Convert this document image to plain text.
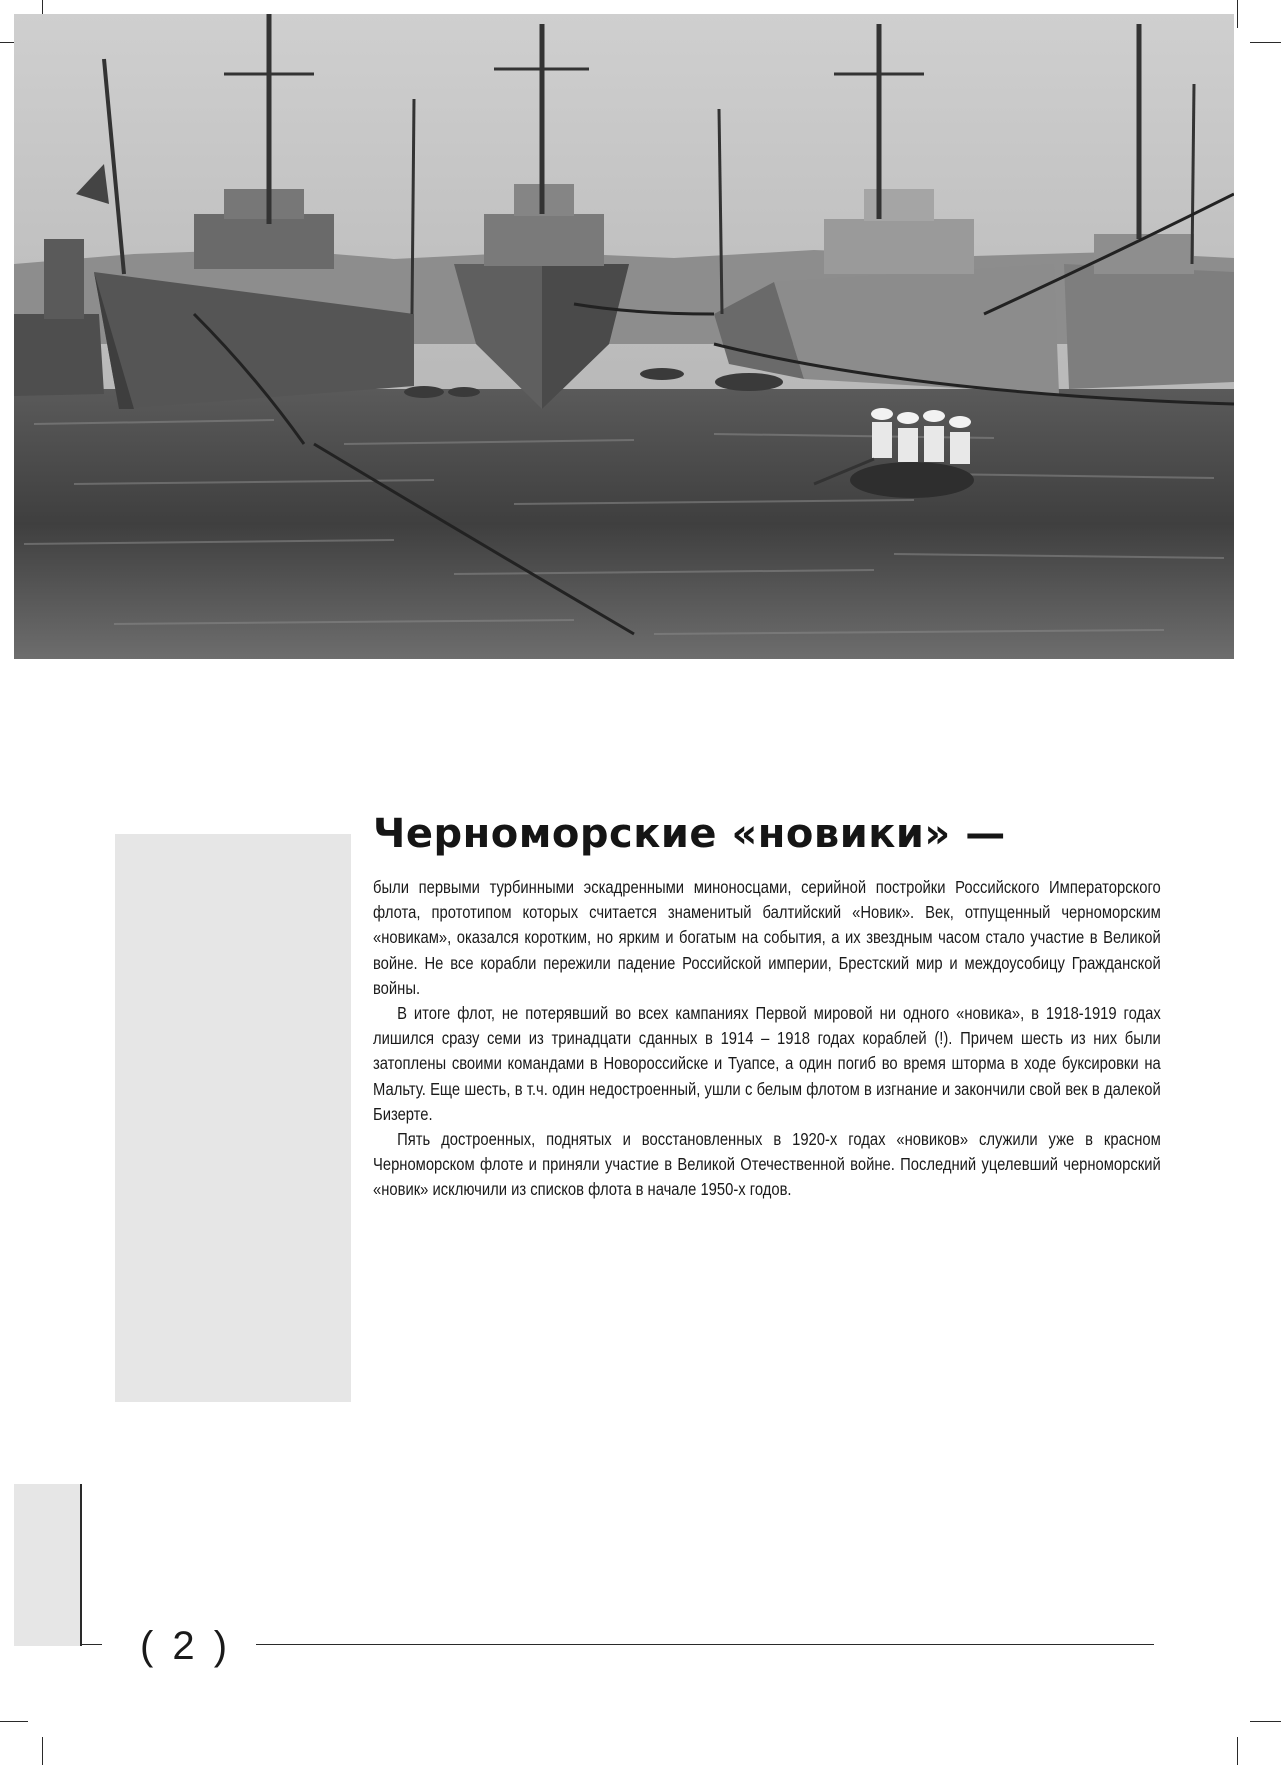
Черноморские «новики» —

были первыми турбинными эскадренными миноносцами, серийной постройки Российского Императорского флота, прототипом которых считается знаменитый балтийский «Новик». Век, отпущенный черноморским «новикам», оказался коротким, но ярким и богатым на события, а их звездным часом стало участие в Великой войне. Не все корабли пережили падение Российской империи, Брестский мир и междоусобицу Гражданской войны.

В итоге флот, не потерявший во всех кампаниях Первой мировой ни одного «новика», в 1918-1919 годах лишился сразу семи из тринадцати сданных в 1914 – 1918 годах кораблей (!). Причем шесть из них были затоплены своими командами в Новороссийске и Туапсе, а один погиб во время шторма в ходе буксировки на Мальту. Еще шесть, в т.ч. один недостроенный, ушли с белым флотом в изгнание и закончили свой век в далекой Бизерте.

Пять достроенных, поднятых и восстановленных в 1920-х годах «новиков» служили уже в красном Черноморском флоте и приняли участие в Великой Отечественной войне. Последний уцелевший черноморский «новик» исключили из списков флота в начале 1950-х годов.

( 2 )
